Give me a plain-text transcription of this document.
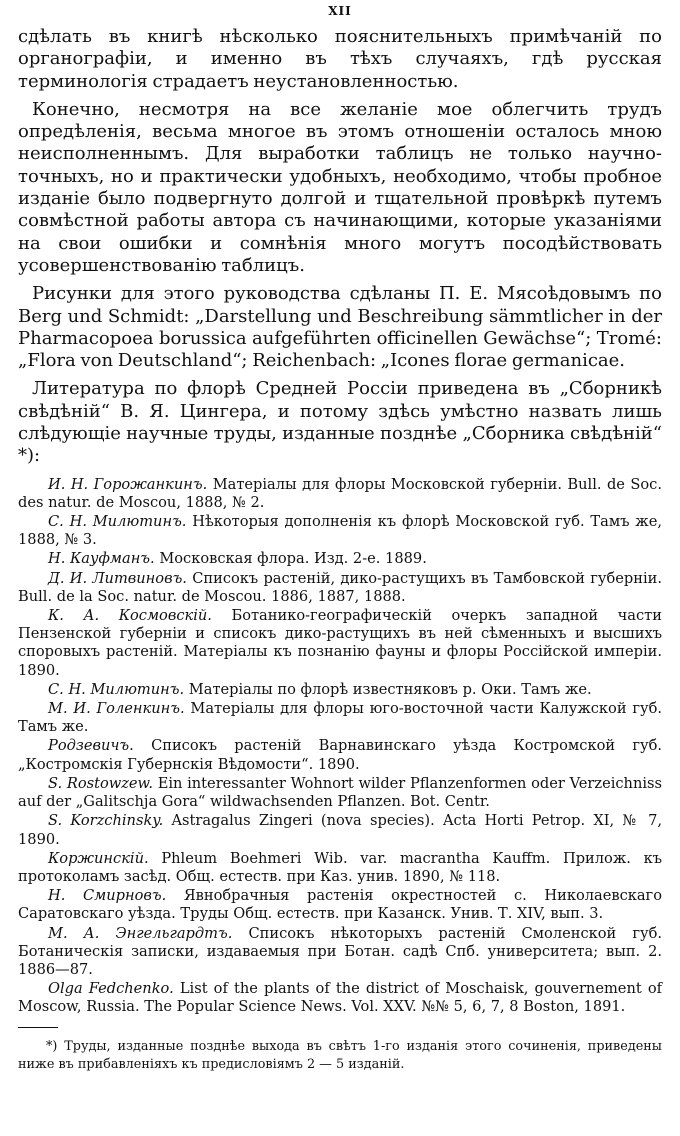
XII

сдѣлать въ книгѣ нѣсколько пояснительныхъ примѣчаній по органографіи, и именно въ тѣхъ случаяхъ, гдѣ русская терминологія страдаетъ неустановленностью.

Конечно, несмотря на все желаніе мое облегчить трудъ опредѣленія, весьма многое въ этомъ отношеніи осталось мною неисполненнымъ. Для выработки таблицъ не только научно-точныхъ, но и практически удобныхъ, необходимо, чтобы пробное изданіе было подвергнуто долгой и тщательной провѣркѣ путемъ совмѣстной работы автора съ начинающими, которые указаніями на свои ошибки и сомнѣнія много могутъ посодѣйствовать усовершенствованію таблицъ.

Рисунки для этого руководства сдѣланы П. Е. Мясоѣдовымъ по Berg und Schmidt: „Darstellung und Beschreibung sämmtlicher in der Pharmacopoea borussica aufgeführten officinellen Gewächse“; Tromé: „Flora von Deutschland“; Reichenbach: „Icones florae germanicae.

Литература по флорѣ Средней Россіи приведена въ „Сборникѣ свѣдѣній“ В. Я. Цингера, и потому здѣсь умѣстно назвать лишь слѣдующіе научные труды, изданные позднѣе „Сборника свѣдѣній“ *):

И. Н. Горожанкинъ. Матеріалы для флоры Московской губерніи. Bull. de Soc. des natur. de Moscou, 1888, № 2.

С. Н. Милютинъ. Нѣкоторыя дополненія къ флорѣ Московской губ. Тамъ же, 1888, № 3.

Н. Кауфманъ. Московская флора. Изд. 2-е. 1889.

Д. И. Литвиновъ. Списокъ растеній, дико-растущихъ въ Тамбовской губерніи. Bull. de la Soc. natur. de Moscou. 1886, 1887, 1888.

К. А. Космовскій. Ботанико-географическій очеркъ западной части Пензенской губерніи и списокъ дико-растущихъ въ ней сѣменныхъ и высшихъ споровыхъ растеній. Матеріалы къ познанію фауны и флоры Россійской имперіи. 1890.

С. Н. Милютинъ. Матеріалы по флорѣ известняковъ р. Оки. Тамъ же.

М. И. Голенкинъ. Матеріалы для флоры юго-восточной части Калужской губ. Тамъ же.

Родзевичъ. Списокъ растеній Варнавинскаго уѣзда Костромской губ. „Костромскія Губернскія Вѣдомости“. 1890.

S. Rostowzew. Ein interessanter Wohnort wilder Pflanzenformen oder Verzeichniss auf der „Galitschja Gora“ wildwachsenden Pflanzen. Bot. Centr.

S. Korzchinsky. Astragalus Zingeri (nova species). Acta Horti Petrop. XI, № 7, 1890.

Коржинскій. Phleum Boehmeri Wib. var. macrantha Kauffm. Прилож. къ протоколамъ засѣд. Общ. естеств. при Каз. унив. 1890, № 118.

Н. Смирновъ. Явнобрачныя растенія окрестностей с. Николаевскаго Саратовскаго уѣзда. Труды Общ. естеств. при Казанск. Унив. Т. XIV, вып. 3.

М. А. Энгельгардтъ. Списокъ нѣкоторыхъ растеній Смоленской губ. Ботаническія записки, издаваемыя при Ботан. садѣ Спб. университета; вып. 2. 1886—87.

Olga Fedchenko. List of the plants of the district of Moschaisk, gouvernement of Moscow, Russia. The Popular Science News. Vol. XXV. №№ 5, 6, 7, 8 Boston, 1891.

*) Труды, изданные позднѣе выхода въ свѣтъ 1-го изданія этого сочиненія, приведены ниже въ прибавленіяхъ къ предисловіямъ 2 — 5 изданій.
